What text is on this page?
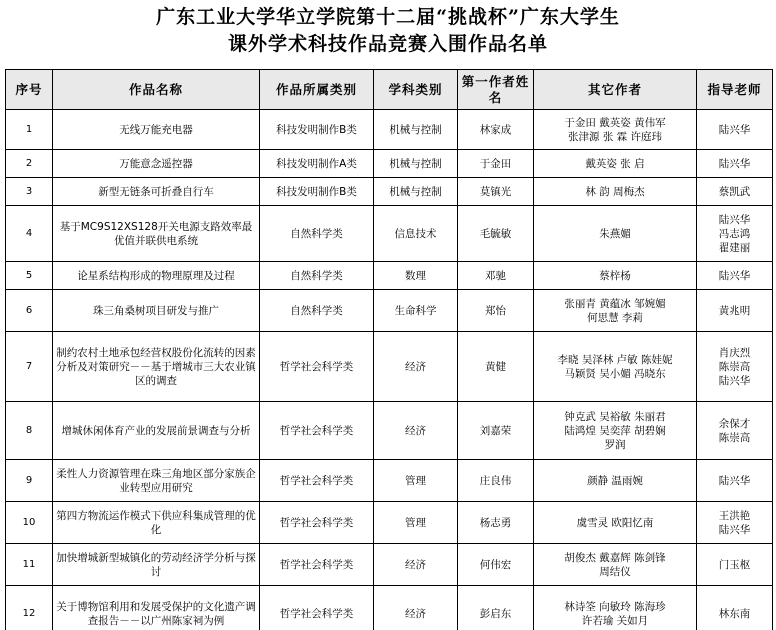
广东工业大学华立学院第十二届“挑战杯”广东大学生
课外学术科技作品竞赛入围作品名单
序号	作品名称	作品所属类别	学科类别	第一作者姓名	其它作者	指导老师
1	无线万能充电器	科技发明制作B类	机械与控制	林家成	于金田 戴英姿 黄伟军
张津源 张 霖 许庭玮	陆兴华
2	万能意念遥控器	科技发明制作A类	机械与控制	于金田	戴英姿 张 启	陆兴华
3	新型无链条可折叠自行车	科技发明制作B类	机械与控制	莫镇光	林 韵 周梅杰	蔡凯武
4	基于MC9S12XS128开关电源支路效率最优值并联供电系统	自然科学类	信息技术	毛毓敏	朱燕媚	陆兴华
冯志鸿
翟建丽
5	论星系结构形成的物理原理及过程	自然科学类	数理	邓驰	蔡梓杨	陆兴华
6	珠三角桑树项目研发与推广	自然科学类	生命科学	郑怡	张丽青 黄蕴冰 邹婉媚
何思慧 李莉	黄兆明
7	制约农村土地承包经营权股份化流转的因素分析及对策研究－－基于增城市三大农业镇区的调查	哲学社会科学类	经济	黄健	李晓 吴泽林 卢敏 陈娃妮
马颖贤 吴小媚 冯晓东	肖庆烈
陈崇高
陆兴华
8	增城休闲体育产业的发展前景调查与分析	哲学社会科学类	经济	刘嘉荣	钟克武 吴裕敏 朱丽君
陆鸿煌 吴奕萍 胡碧娴
罗润	余保才
陈崇高
9	柔性人力资源管理在珠三角地区部分家族企业转型应用研究	哲学社会科学类	管理	庄良伟	颜静 温雨婉	陆兴华
10	第四方物流运作模式下供应科集成管理的优化	哲学社会科学类	管理	杨志勇	虞雪灵 欧阳忆南	王洪艳
陆兴华
11	加快增城新型城镇化的劳动经济学分析与探讨	哲学社会科学类	经济	何伟宏	胡俊杰 戴嘉辉 陈剑锋
周结仪	门玉枢
12	关于博物馆利用和发展受保护的文化遗产调查报告－－以广州陈家祠为例	哲学社会科学类	经济	彭启东	林诗筌 向敏玲 陈海珍
许若瑜 关如月	林东南
